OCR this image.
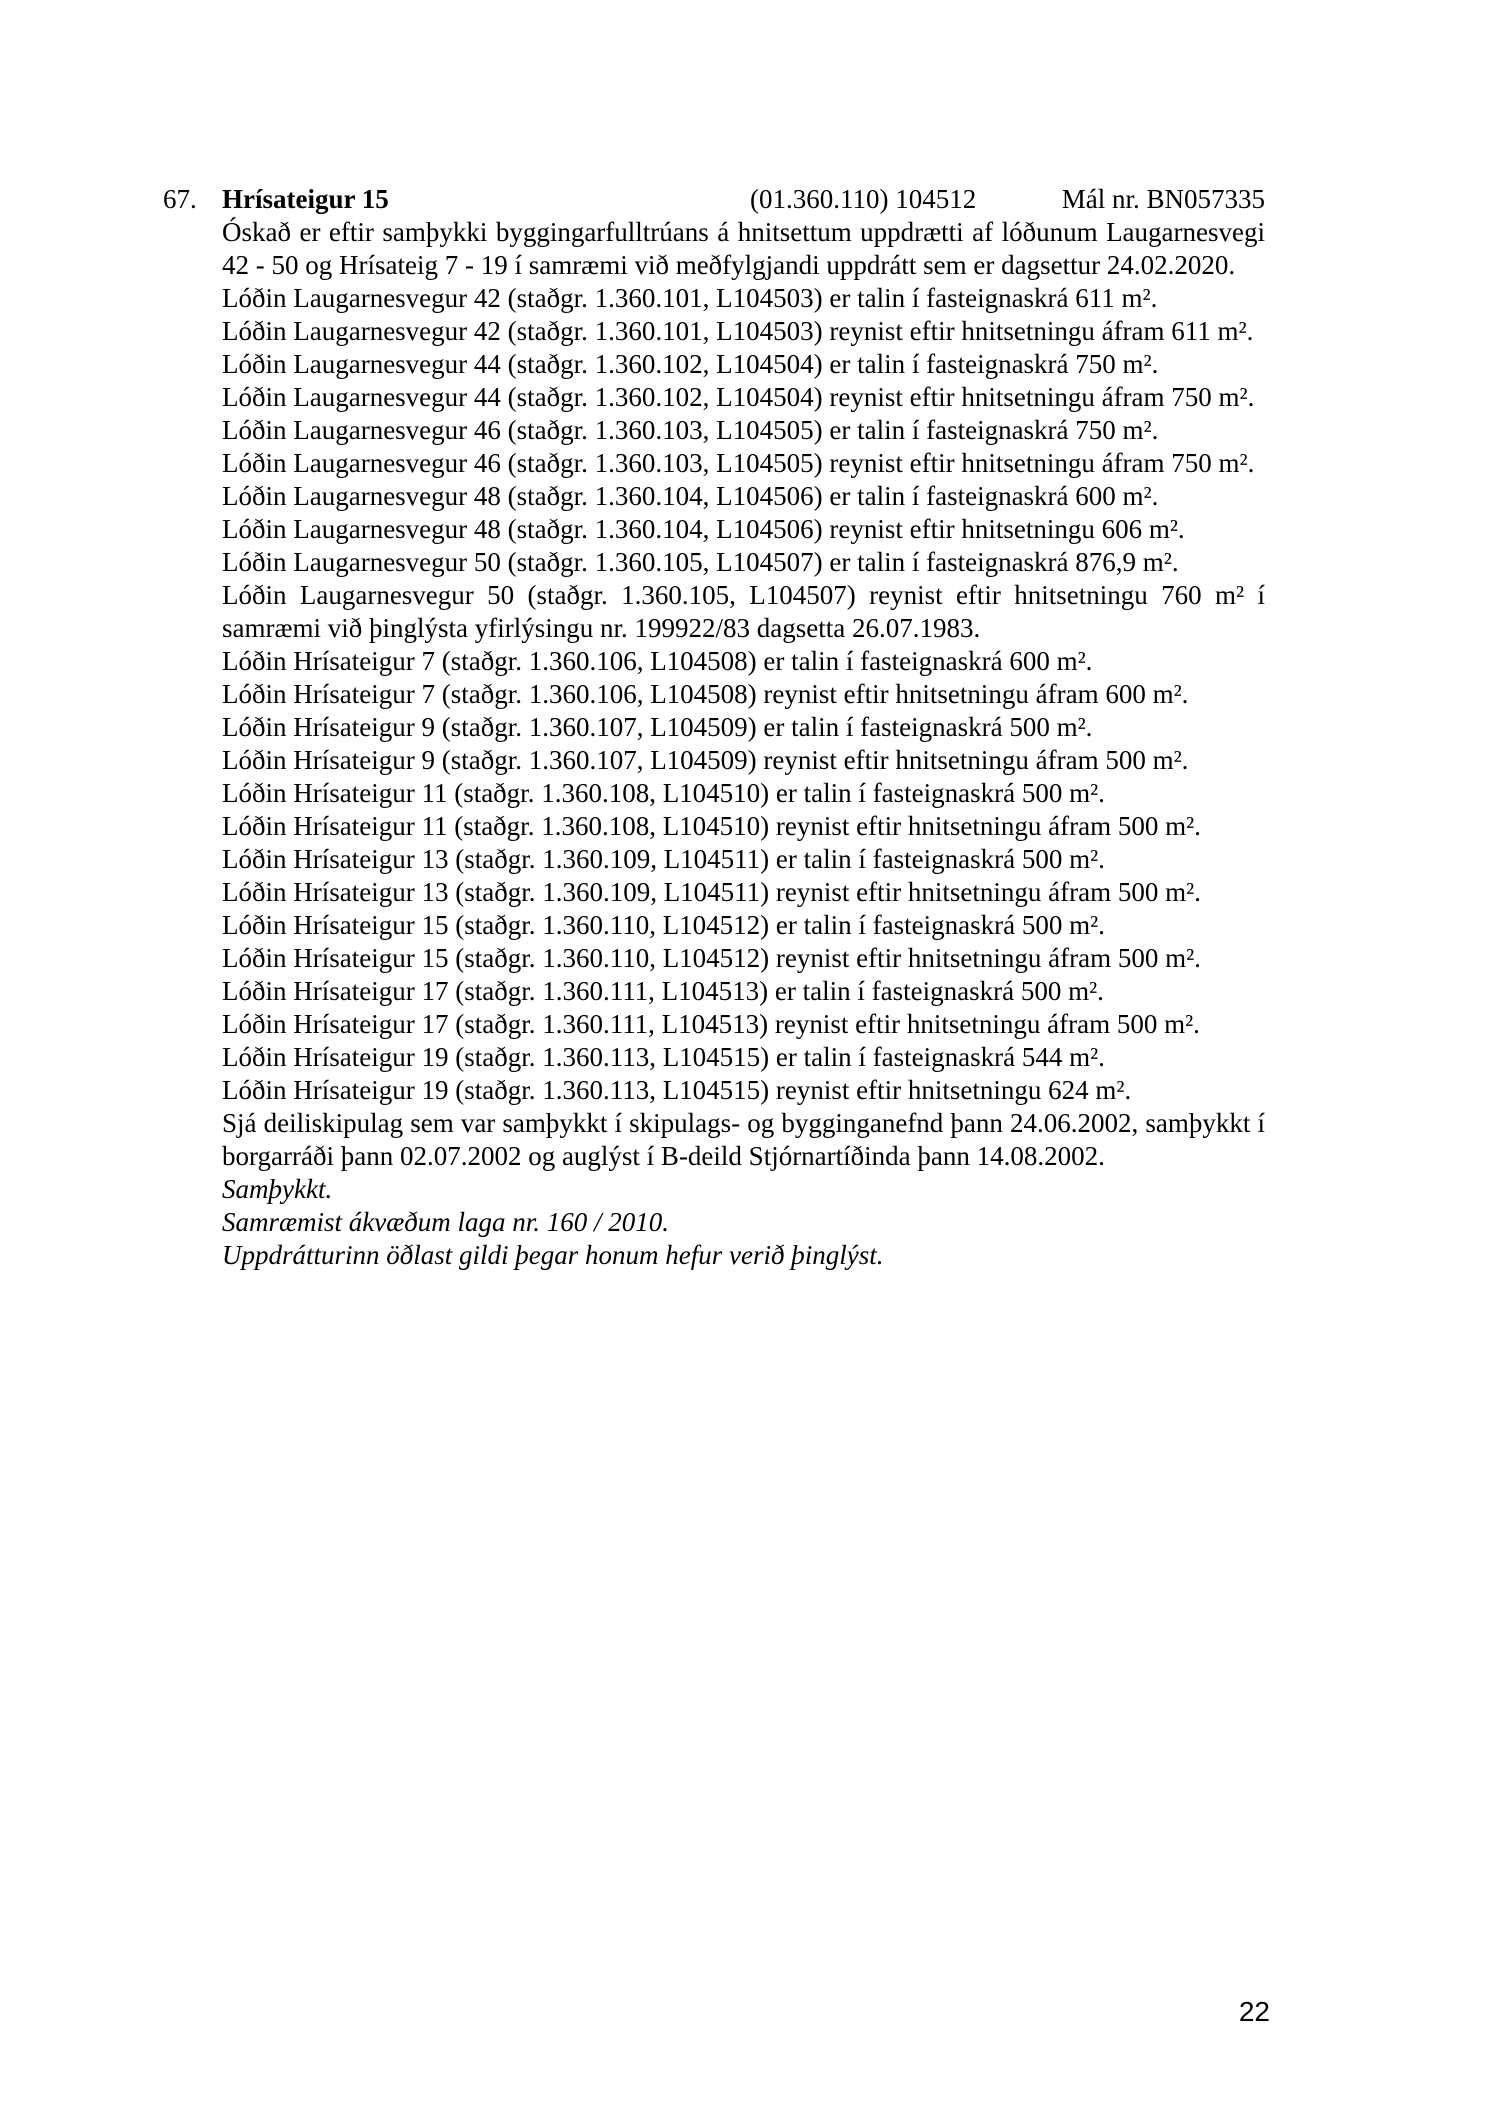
67. Hrísateigur 15	(01.360.110) 104512	Mál nr. BN057335

Óskað er eftir samþykki byggingarfulltrúans á hnitsettum uppdrætti af lóðunum Laugarnesvegi 42 - 50 og Hrísateig 7 - 19 í samræmi við meðfylgjandi uppdrátt sem er dagsettur 24.02.2020.

Lóðin Laugarnesvegur 42 (staðgr. 1.360.101, L104503) er talin í fasteignaskrá 611 m².

Lóðin Laugarnesvegur 42 (staðgr. 1.360.101, L104503) reynist eftir hnitsetningu áfram 611 m².

Lóðin Laugarnesvegur 44 (staðgr. 1.360.102, L104504) er talin í fasteignaskrá 750 m².

Lóðin Laugarnesvegur 44 (staðgr. 1.360.102, L104504) reynist eftir hnitsetningu áfram 750 m².

Lóðin Laugarnesvegur 46 (staðgr. 1.360.103, L104505) er talin í fasteignaskrá 750 m².

Lóðin Laugarnesvegur 46 (staðgr. 1.360.103, L104505) reynist eftir hnitsetningu áfram 750 m².

Lóðin Laugarnesvegur 48 (staðgr. 1.360.104, L104506) er talin í fasteignaskrá 600 m².

Lóðin Laugarnesvegur 48 (staðgr. 1.360.104, L104506) reynist eftir hnitsetningu 606 m².

Lóðin Laugarnesvegur 50 (staðgr. 1.360.105, L104507) er talin í fasteignaskrá 876,9 m².

Lóðin Laugarnesvegur 50 (staðgr. 1.360.105, L104507) reynist eftir hnitsetningu 760 m² í samræmi við þinglýsta yfirlýsingu nr. 199922/83 dagsetta 26.07.1983.

Lóðin Hrísateigur 7 (staðgr. 1.360.106, L104508) er talin í fasteignaskrá 600 m².

Lóðin Hrísateigur 7 (staðgr. 1.360.106, L104508) reynist eftir hnitsetningu áfram 600 m².

Lóðin Hrísateigur 9 (staðgr. 1.360.107, L104509) er talin í fasteignaskrá 500 m².

Lóðin Hrísateigur 9 (staðgr. 1.360.107, L104509) reynist eftir hnitsetningu áfram 500 m².

Lóðin Hrísateigur 11 (staðgr. 1.360.108, L104510) er talin í fasteignaskrá 500 m².

Lóðin Hrísateigur 11 (staðgr. 1.360.108, L104510) reynist eftir hnitsetningu áfram 500 m².

Lóðin Hrísateigur 13 (staðgr. 1.360.109, L104511) er talin í fasteignaskrá 500 m².

Lóðin Hrísateigur 13 (staðgr. 1.360.109, L104511) reynist eftir hnitsetningu áfram 500 m².

Lóðin Hrísateigur 15 (staðgr. 1.360.110, L104512) er talin í fasteignaskrá 500 m².

Lóðin Hrísateigur 15 (staðgr. 1.360.110, L104512) reynist eftir hnitsetningu áfram 500 m².

Lóðin Hrísateigur 17 (staðgr. 1.360.111, L104513) er talin í fasteignaskrá 500 m².

Lóðin Hrísateigur 17 (staðgr. 1.360.111, L104513) reynist eftir hnitsetningu áfram 500 m².

Lóðin Hrísateigur 19 (staðgr. 1.360.113, L104515) er talin í fasteignaskrá 544 m².

Lóðin Hrísateigur 19 (staðgr. 1.360.113, L104515) reynist eftir hnitsetningu 624 m².

Sjá deiliskipulag sem var samþykkt í skipulags- og bygginganefnd þann 24.06.2002, samþykkt í borgarráði þann 02.07.2002 og auglýst í B-deild Stjórnartíðinda þann 14.08.2002.

Samþykkt.

Samræmist ákvæðum laga nr. 160 / 2010.

Uppdrátturinn öðlast gildi þegar honum hefur verið þinglýst.

22
